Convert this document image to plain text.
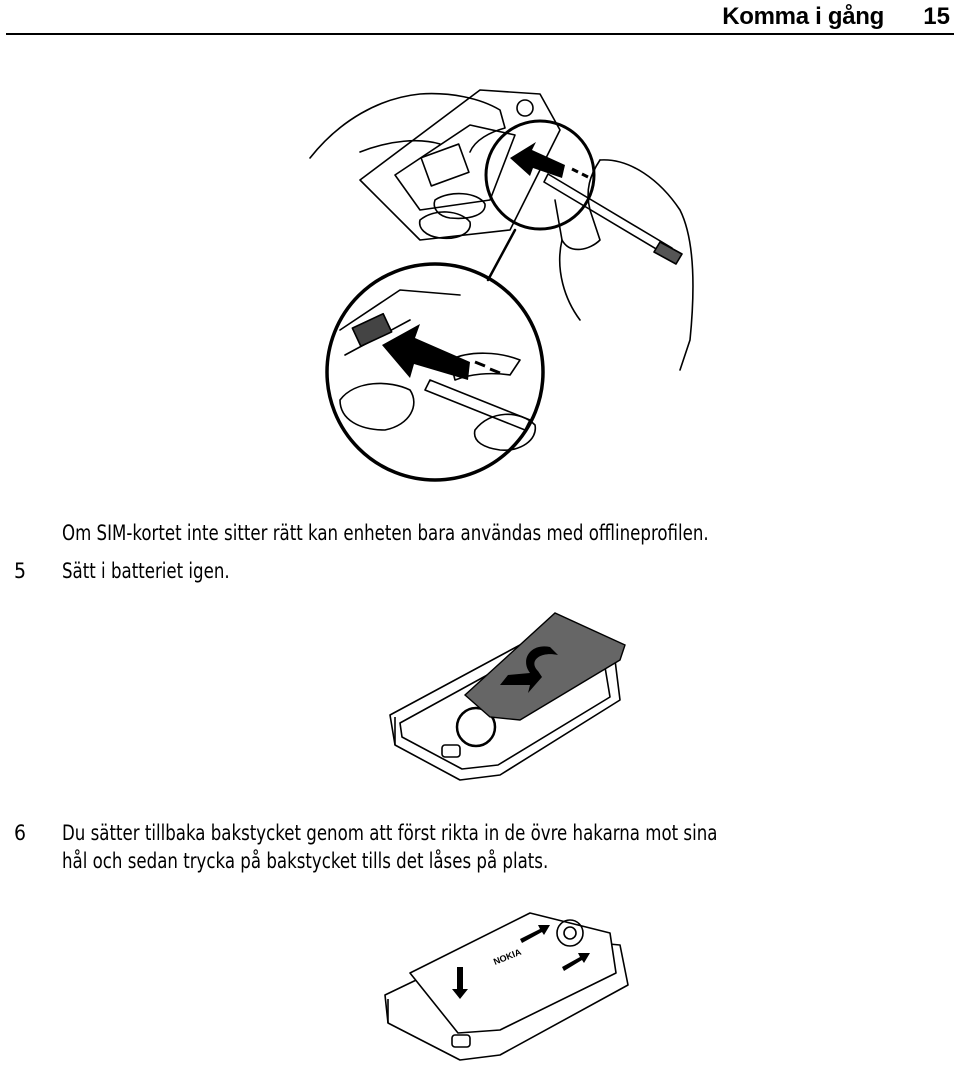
Komma i gång 15
Om SIM-kortet inte sitter rätt kan enheten bara användas med offlineprofilen.
5 Sätt i batteriet igen.
6 Du sätter tillbaka bakstycket genom att först rikta in de övre hakarna mot sina
hål och sedan trycka på bakstycket tills det låses på plats.
NOKIA
